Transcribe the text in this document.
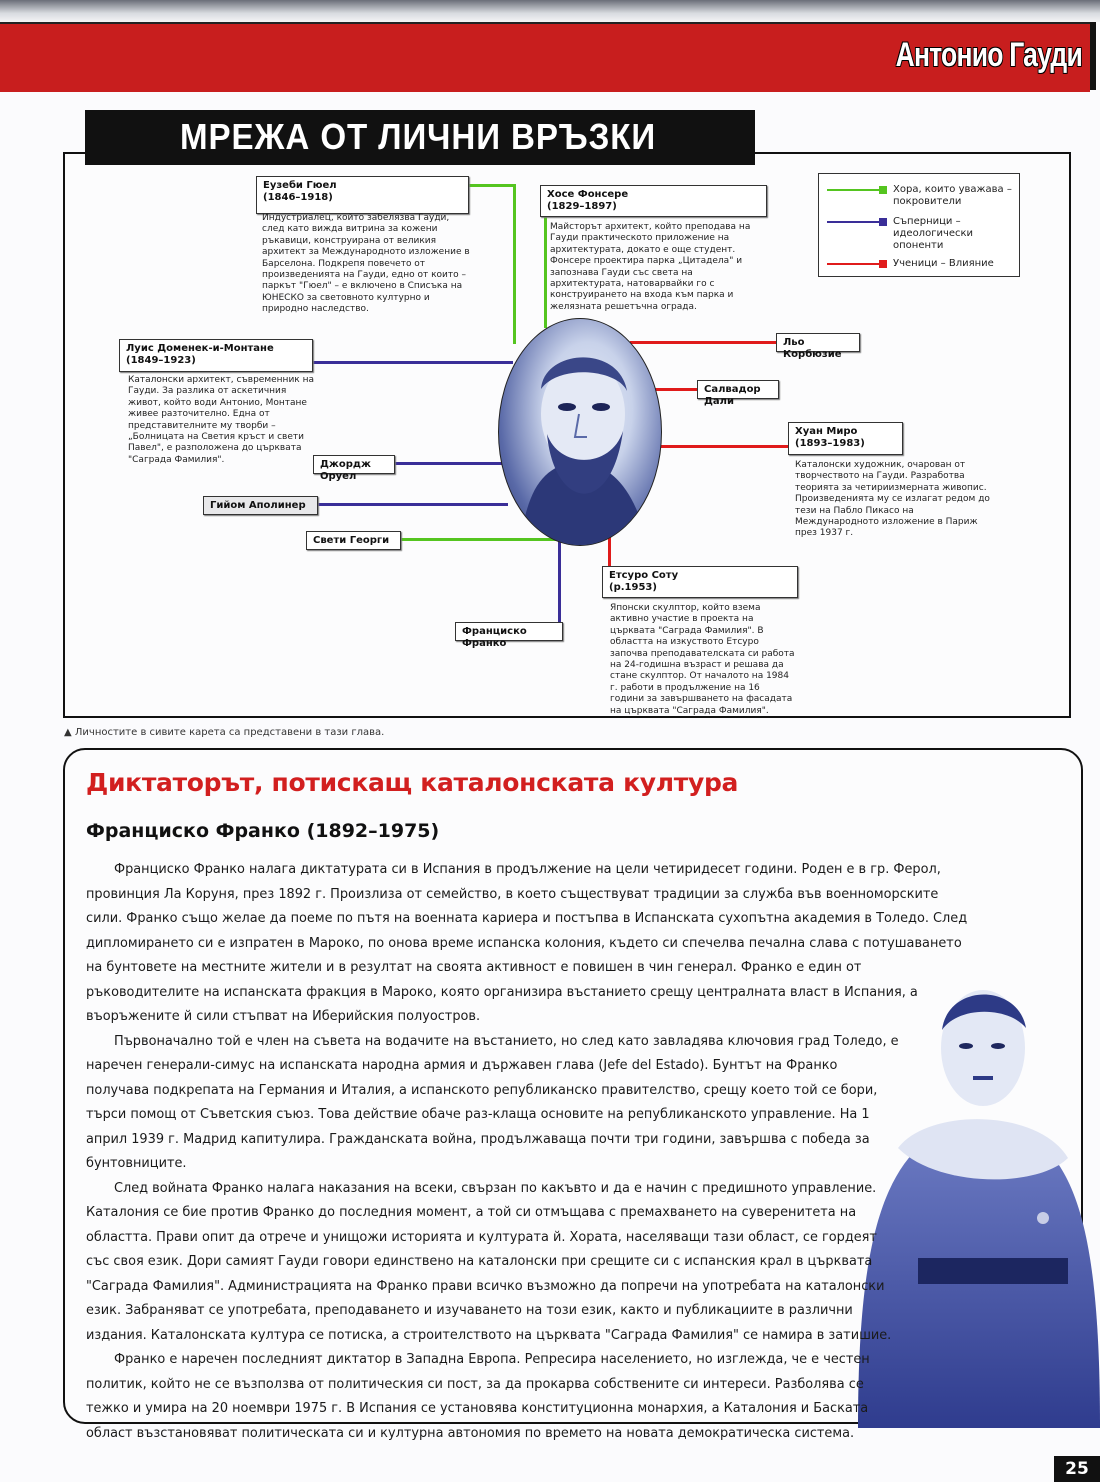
Антонио Гауди
МРЕЖА ОТ ЛИЧНИ ВРЪЗКИ
Еузеби Гюел
(1846–1918)
Индустриалец, който забелязва Гауди, след като вижда витрина за кожени ръкавици, конструирана от великия архитект за Международното изложение в Барселона. Подкрепя повечето от произведенията на Гауди, едно от които – паркът "Гюел" – е включено в Списъка на ЮНЕСКО за световното културно и природно наследство.
Хосе Фонсере
(1829–1897)
Майсторът архитект, който преподава на Гауди практическото приложение на архитектурата, докато е още студент. Фонсере проектира парка „Цитадела" и запознава Гауди със света на архитектурата, натоварвайки го с конструирането на входа към парка и желязната решетъчна ограда.
Луис Доменек-и-Монтане
(1849–1923)
Каталонски архитект, съвременник на Гауди. За разлика от аскетичния живот, който води Антонио, Монтане живее разточително. Една от представителните му творби – „Болницата на Светия кръст и свети Павел", е разположена до църквата "Саграда Фамилия".
Льо Корбюзие
Салвадор Дали
Хуан Миро
(1893–1983)
Каталонски художник, очарован от творчеството на Гауди. Разработва теорията за четириизмерната живопис. Произведенията му се излагат редом до тези на Пабло Пикасо на Международното изложение в Париж през 1937 г.
Джордж Оруел
Гийом Аполинер
Свети Георги
Франциско Франко
Етсуро Соту
(р.1953)
Японски скулптор, който взема активно участие в проекта на църквата "Саграда Фамилия". В областта на изкуството Етсуро започва преподавателската си работа на 24-годишна възраст и решава да стане скулптор. От началото на 1984 г. работи в продължение на 16 години за завършването на фасадата на църквата "Саграда Фамилия".
Хора, които уважава – покровители
Съперници – идеологически опоненти
Ученици – Влияние
▲ Личностите в сивите карета са представени в тази глава.
Диктаторът, потискащ каталонската култура
Франциско Франко (1892–1975)

Франциско Франко налага диктатурата си в Испания в продължение на цели четиридесет години. Роден е в гр. Ферол, провинция Ла Коруня, през 1892 г. Произлиза от семейство, в което съществуват традиции за служба във военноморските сили. Франко също желае да поеме по пътя на военната кариера и постъпва в Испанската сухопътна академия в Толедо. След дипломирането си е изпратен в Мароко, по онова време испанска колония, където си спечелва печална слава с потушаването на бунтовете на местните жители и в резултат на своята активност е повишен в чин генерал. Франко е един от ръководителите на испанската фракция в Мароко, която организира въстанието срещу централната власт в Испания, а въоръжените й сили стъпват на Иберийския полуостров.

Първоначално той е член на съвета на водачите на въстанието, но след като завладява ключовия град Толедо, е наречен генерали-симус на испанската народна армия и държавен глава (Jefe del Estado). Бунтът на Франко получава подкрепата на Германия и Италия, а испанското републиканско правителство, срещу което той се бори, търси помощ от Съветския съюз. Това действие обаче раз-клаща основите на републиканското управление. На 1 април 1939 г. Мадрид капитулира. Гражданската война, продължаваща почти три години, завършва с победа за бунтовниците.

След войната Франко налага наказания на всеки, свързан по какъвто и да е начин с предишното управление. Каталония се бие против Франко до последния момент, а той си отмъщава с премахването на суверенитета на областта. Прави опит да отрече и унищожи историята и културата й. Хората, населяващи тази област, се гордеят със своя език. Дори самият Гауди говори единствено на каталонски при срещите си с испанския крал в църквата "Саграда Фамилия". Администрацията на Франко прави всичко възможно да попречи на употребата на каталонски език. Забраняват се употребата, преподаването и изучаването на този език, както и публикациите в различни издания. Каталонската култура се потиска, а строителството на църквата "Саграда Фамилия" се намира в затишие.

Франко е наречен последният диктатор в Западна Европа. Репресира населението, но изглежда, че е честен политик, който не се възползва от политическия си пост, за да прокарва собствените си интереси. Разболява се тежко и умира на 20 ноември 1975 г. В Испания се установява конституционна монархия, а Каталония и Баската област възстановяват политическата си и културна автономия по времето на новата демократическа система.

25
